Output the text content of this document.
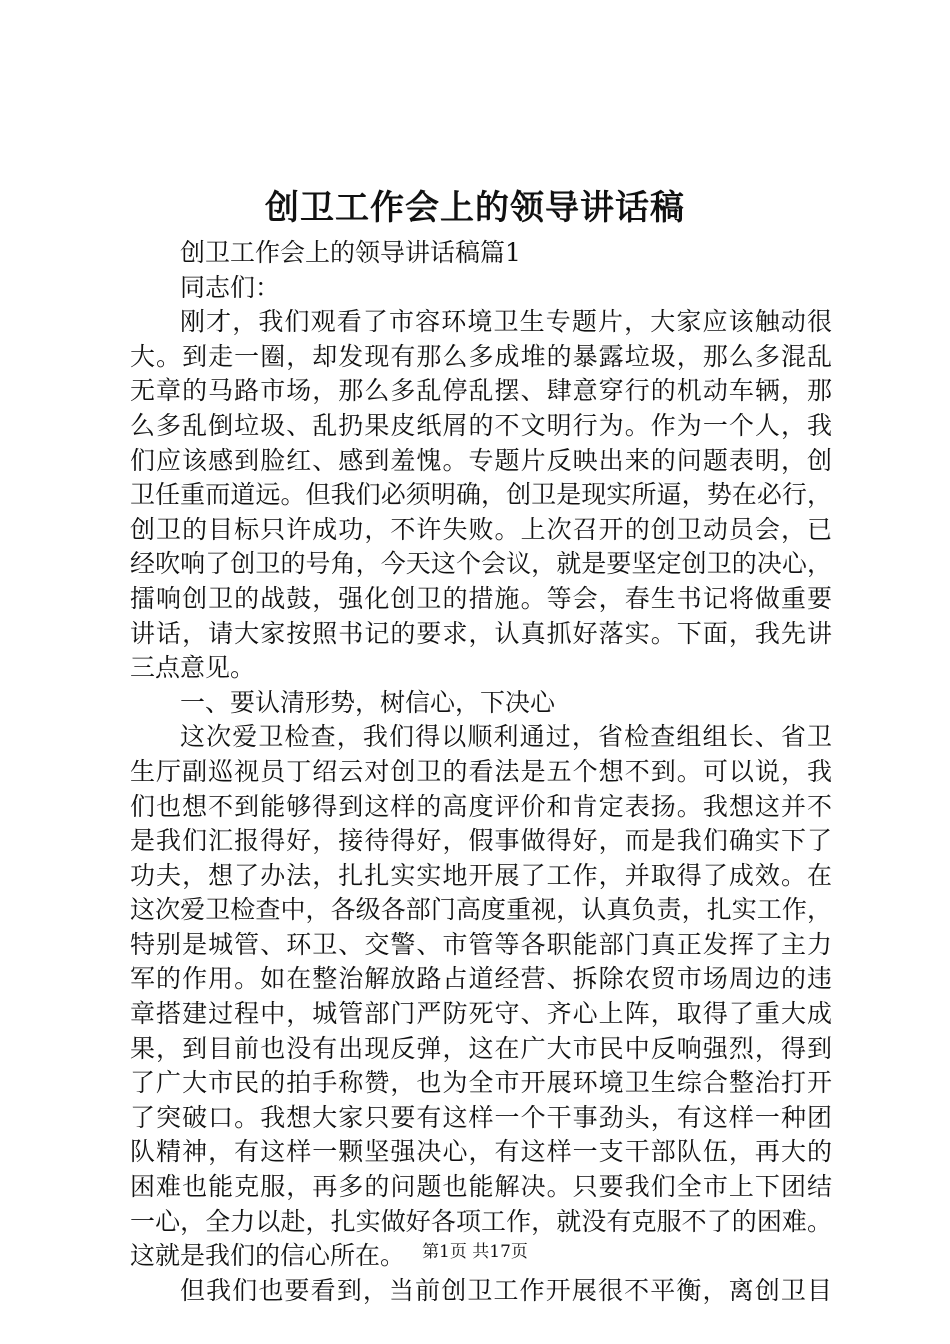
创卫工作会上的领导讲话稿
创卫工作会上的领导讲话稿篇1
同志们：
刚才，我们观看了市容环境卫生专题片，大家应该触动很
大。到走一圈，却发现有那么多成堆的暴露垃圾，那么多混乱
无章的马路市场，那么多乱停乱摆、肆意穿行的机动车辆，那
么多乱倒垃圾、乱扔果皮纸屑的不文明行为。作为一个人，我
们应该感到脸红、感到羞愧。专题片反映出来的问题表明，创
卫任重而道远。但我们必须明确，创卫是现实所逼，势在必行，
创卫的目标只许成功，不许失败。上次召开的创卫动员会，已
经吹响了创卫的号角，今天这个会议，就是要坚定创卫的决心，
擂响创卫的战鼓，强化创卫的措施。等会，春生书记将做重要
讲话，请大家按照书记的要求，认真抓好落实。下面，我先讲
三点意见。
一、要认清形势，树信心，下决心
这次爱卫检查，我们得以顺利通过，省检查组组长、省卫
生厅副巡视员丁绍云对创卫的看法是五个想不到。可以说，我
们也想不到能够得到这样的高度评价和肯定表扬。我想这并不
是我们汇报得好，接待得好，假事做得好，而是我们确实下了
功夫，想了办法，扎扎实实地开展了工作，并取得了成效。在
这次爱卫检查中，各级各部门高度重视，认真负责，扎实工作，
特别是城管、环卫、交警、市管等各职能部门真正发挥了主力
军的作用。如在整治解放路占道经营、拆除农贸市场周边的违
章搭建过程中，城管部门严防死守、齐心上阵，取得了重大成
果，到目前也没有出现反弹，这在广大市民中反响强烈，得到
了广大市民的拍手称赞，也为全市开展环境卫生综合整治打开
了突破口。我想大家只要有这样一个干事劲头，有这样一种团
队精神，有这样一颗坚强决心，有这样一支干部队伍，再大的
困难也能克服，再多的问题也能解决。只要我们全市上下团结
一心，全力以赴，扎实做好各项工作，就没有克服不了的困难。
这就是我们的信心所在。
但我们也要看到，当前创卫工作开展很不平衡，离创卫目
第1页 共17页
